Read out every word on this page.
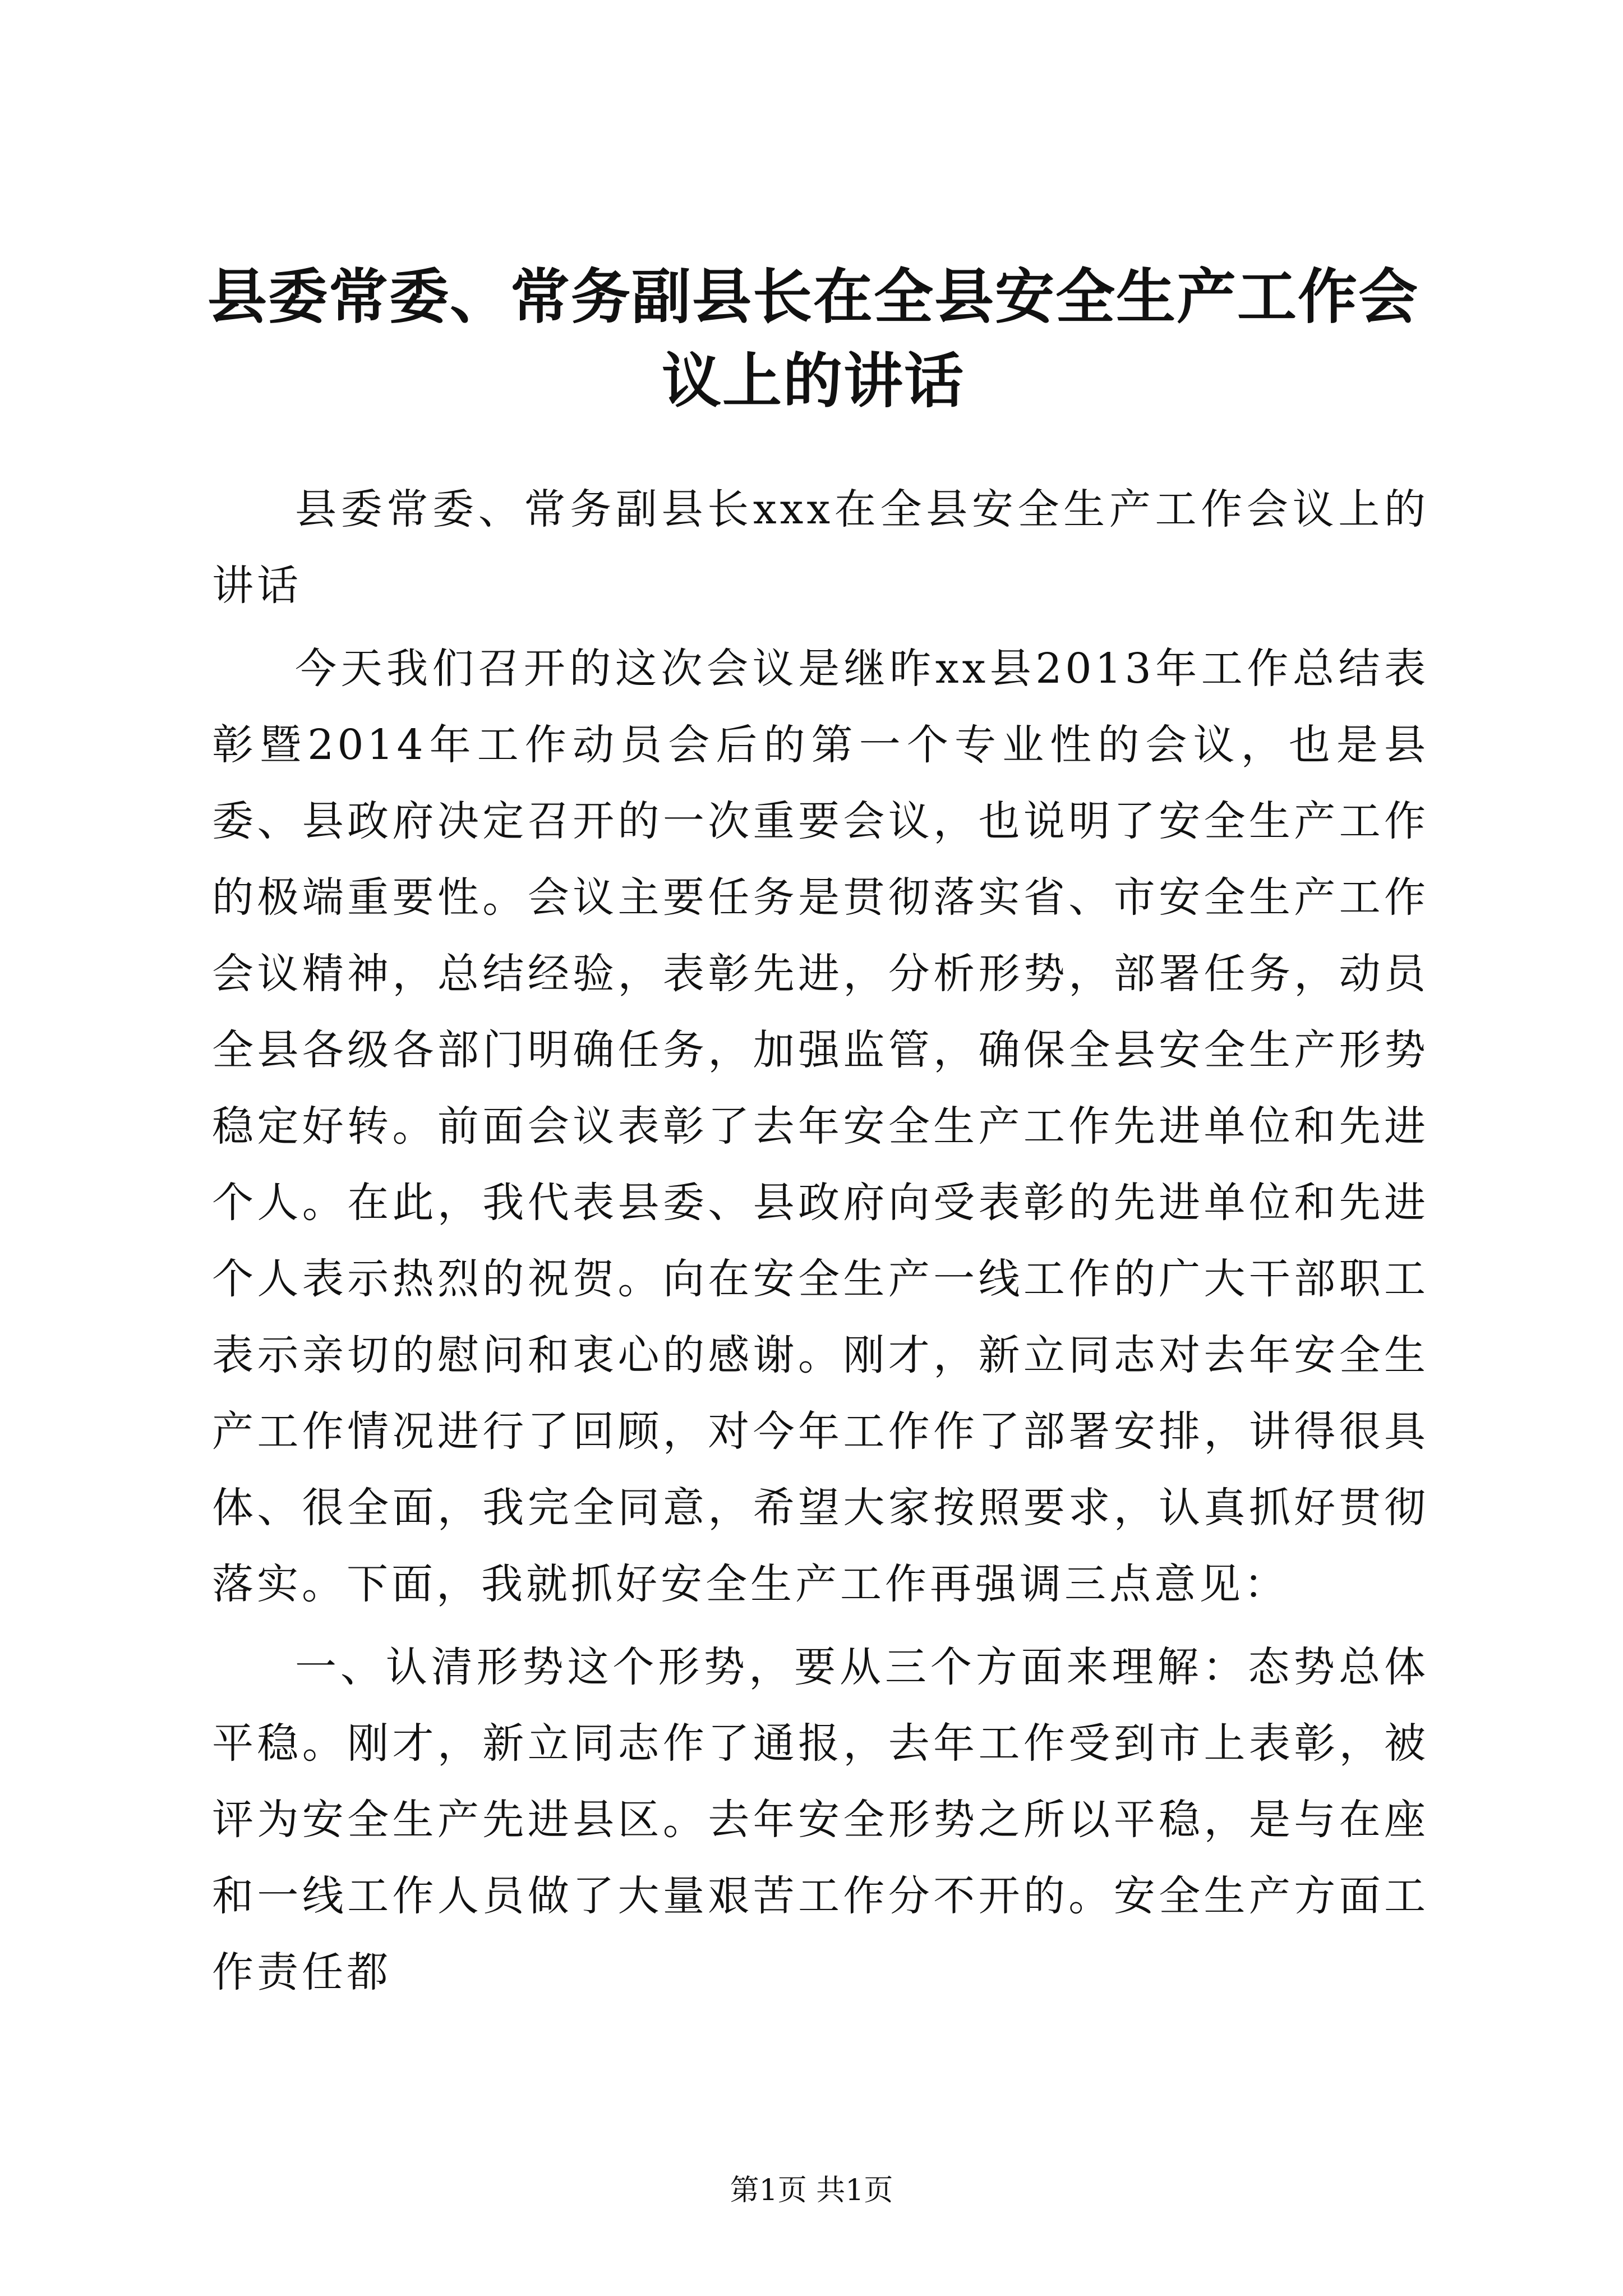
县委常委、常务副县长在全县安全生产工作会议上的讲话

县委常委、常务副县长xxx在全县安全生产工作会议上的讲话

今天我们召开的这次会议是继昨xx县2013年工作总结表彰暨2014年工作动员会后的第一个专业性的会议，也是县委、县政府决定召开的一次重要会议，也说明了安全生产工作的极端重要性。会议主要任务是贯彻落实省、市安全生产工作会议精神，总结经验，表彰先进，分析形势，部署任务，动员全县各级各部门明确任务，加强监管，确保全县安全生产形势稳定好转。前面会议表彰了去年安全生产工作先进单位和先进个人。在此，我代表县委、县政府向受表彰的先进单位和先进个人表示热烈的祝贺。向在安全生产一线工作的广大干部职工表示亲切的慰问和衷心的感谢。刚才，新立同志对去年安全生产工作情况进行了回顾，对今年工作作了部署安排，讲得很具体、很全面，我完全同意，希望大家按照要求，认真抓好贯彻落实。下面，我就抓好安全生产工作再强调三点意见：

一、认清形势这个形势，要从三个方面来理解：态势总体平稳。刚才，新立同志作了通报，去年工作受到市上表彰，被评为安全生产先进县区。去年安全形势之所以平稳，是与在座和一线工作人员做了大量艰苦工作分不开的。安全生产方面工作责任都

第1页 共1页
